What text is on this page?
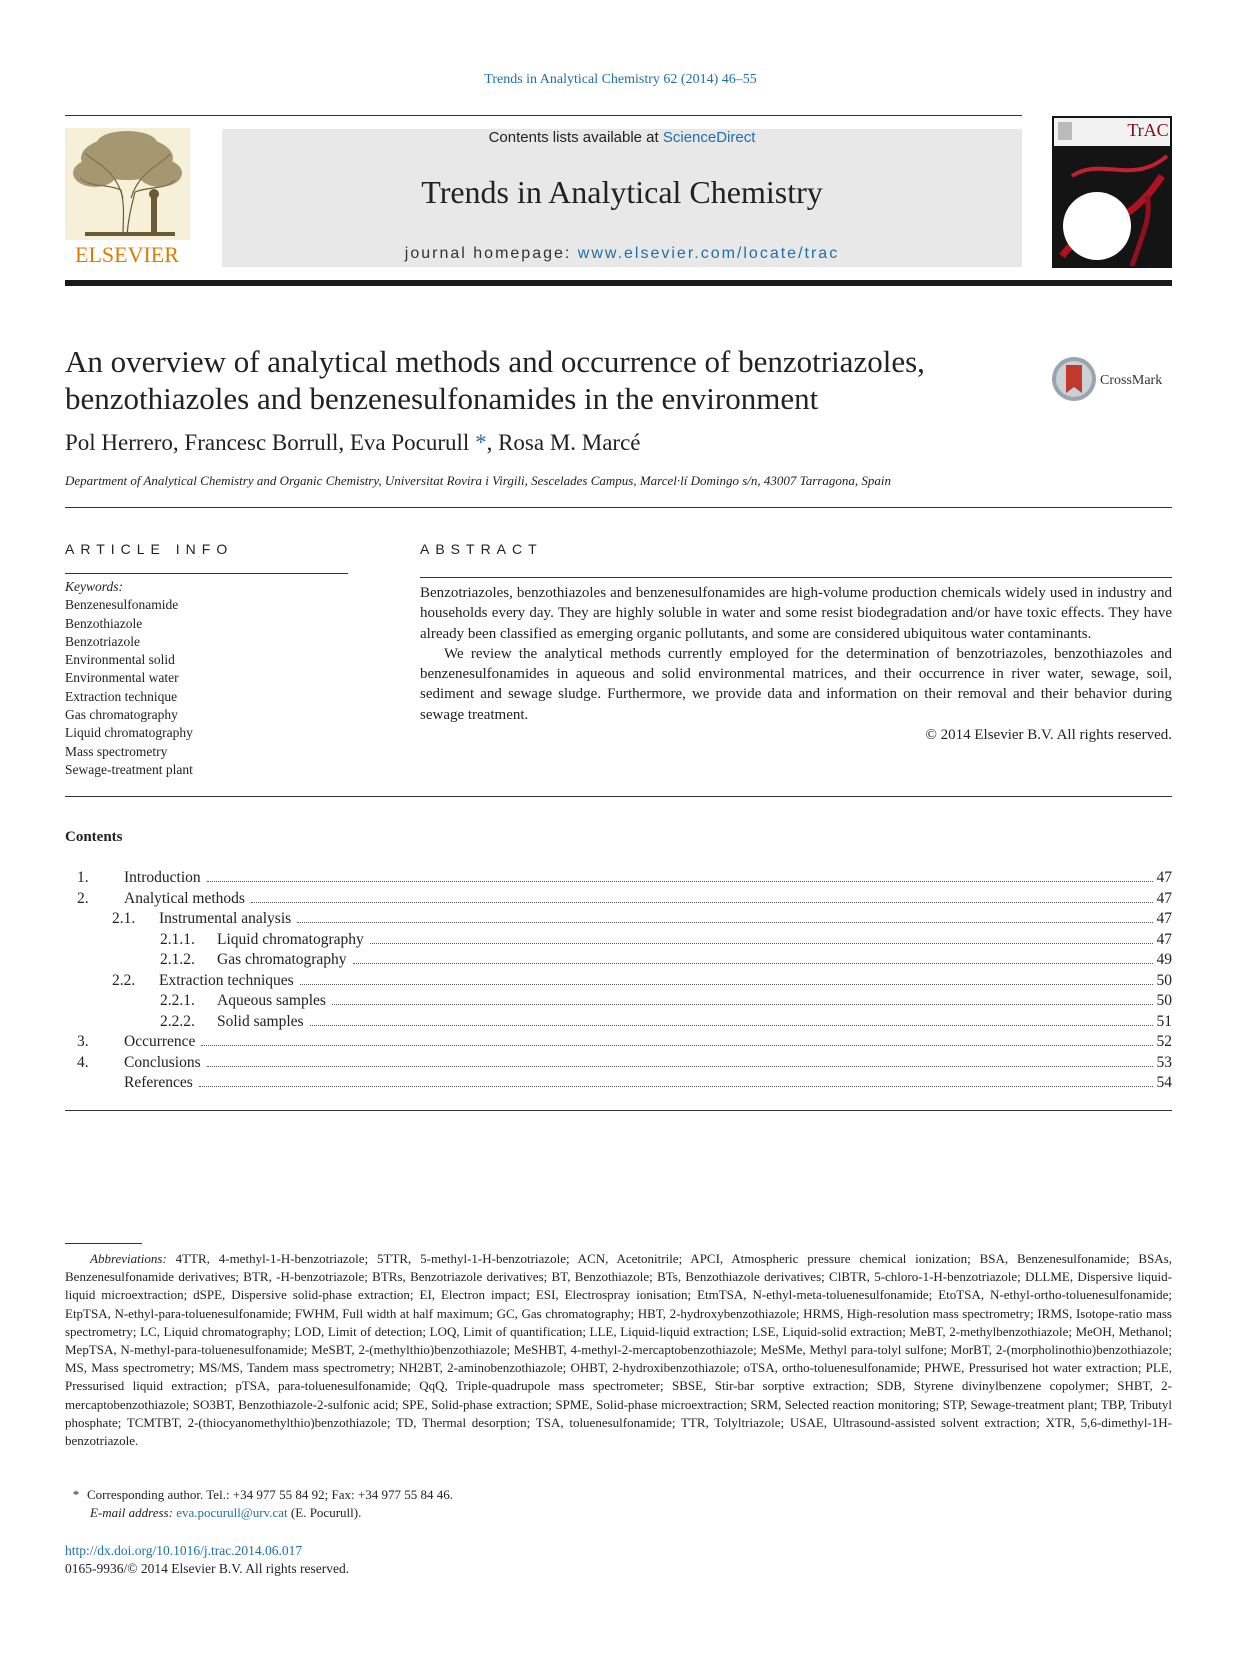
Trends in Analytical Chemistry 62 (2014) 46–55
ELSEVIER
Contents lists available at ScienceDirect
Trends in Analytical Chemistry
journal homepage: www.elsevier.com/locate/trac
TrAC
An overview of analytical methods and occurrence of benzotriazoles, benzothiazoles and benzenesulfonamides in the environment
CrossMark
Pol Herrero, Francesc Borrull, Eva Pocurull *, Rosa M. Marcé
Department of Analytical Chemistry and Organic Chemistry, Universitat Rovira i Virgili, Sescelades Campus, Marcel·lí Domingo s/n, 43007 Tarragona, Spain
ARTICLE INFO
Keywords:
Benzenesulfonamide
Benzothiazole
Benzotriazole
Environmental solid
Environmental water
Extraction technique
Gas chromatography
Liquid chromatography
Mass spectrometry
Sewage-treatment plant
ABSTRACT

Benzotriazoles, benzothiazoles and benzenesulfonamides are high-volume production chemicals widely used in industry and households every day. They are highly soluble in water and some resist biodegradation and/or have toxic effects. They have already been classified as emerging organic pollutants, and some are considered ubiquitous water contaminants.

We review the analytical methods currently employed for the determination of benzotriazoles, benzothiazoles and benzenesulfonamides in aqueous and solid environmental matrices, and their occurrence in river water, sewage, soil, sediment and sewage sludge. Furthermore, we provide data and information on their removal and their behavior during sewage treatment.

© 2014 Elsevier B.V. All rights reserved.

Contents
1.	Introduction	47
2.	Analytical methods	47
2.1.	Instrumental analysis	47
2.1.1.	Liquid chromatography	47
2.1.2.	Gas chromatography	49
2.2.	Extraction techniques	50
2.2.1.	Aqueous samples	50
2.2.2.	Solid samples	51
3.	Occurrence	52
4.	Conclusions	53
References	54
Abbreviations: 4TTR, 4-methyl-1-H-benzotriazole; 5TTR, 5-methyl-1-H-benzotriazole; ACN, Acetonitrile; APCI, Atmospheric pressure chemical ionization; BSA, Benzenesulfonamide; BSAs, Benzenesulfonamide derivatives; BTR, -H-benzotriazole; BTRs, Benzotriazole derivatives; BT, Benzothiazole; BTs, Benzothiazole derivatives; ClBTR, 5-chloro-1-H-benzotriazole; DLLME, Dispersive liquid-liquid microextraction; dSPE, Dispersive solid-phase extraction; EI, Electron impact; ESI, Electrospray ionisation; EtmTSA, N-ethyl-meta-toluenesulfonamide; EtoTSA, N-ethyl-ortho-toluenesulfonamide; EtpTSA, N-ethyl-para-toluenesulfonamide; FWHM, Full width at half maximum; GC, Gas chromatography; HBT, 2-hydroxybenzothiazole; HRMS, High-resolution mass spectrometry; IRMS, Isotope-ratio mass spectrometry; LC, Liquid chromatography; LOD, Limit of detection; LOQ, Limit of quantification; LLE, Liquid-liquid extraction; LSE, Liquid-solid extraction; MeBT, 2-methylbenzothiazole; MeOH, Methanol; MepTSA, N-methyl-para-toluenesulfonamide; MeSBT, 2-(methylthio)benzothiazole; MeSHBT, 4-methyl-2-mercaptobenzothiazole; MeSMe, Methyl para-tolyl sulfone; MorBT, 2-(morpholinothio)benzothiazole; MS, Mass spectrometry; MS/MS, Tandem mass spectrometry; NH2BT, 2-aminobenzothiazole; OHBT, 2-hydroxibenzothiazole; oTSA, ortho-toluenesulfonamide; PHWE, Pressurised hot water extraction; PLE, Pressurised liquid extraction; pTSA, para-toluenesulfonamide; QqQ, Triple-quadrupole mass spectrometer; SBSE, Stir-bar sorptive extraction; SDB, Styrene divinylbenzene copolymer; SHBT, 2-mercaptobenzothiazole; SO3BT, Benzothiazole-2-sulfonic acid; SPE, Solid-phase extraction; SPME, Solid-phase microextraction; SRM, Selected reaction monitoring; STP, Sewage-treatment plant; TBP, Tributyl phosphate; TCMTBT, 2-(thiocyanomethylthio)benzothiazole; TD, Thermal desorption; TSA, toluenesulfonamide; TTR, Tolyltriazole; USAE, Ultrasound-assisted solvent extraction; XTR, 5,6-dimethyl-1H-benzotriazole.
* Corresponding author. Tel.: +34 977 55 84 92; Fax: +34 977 55 84 46.
E-mail address: eva.pocurull@urv.cat (E. Pocurull).
http://dx.doi.org/10.1016/j.trac.2014.06.017
0165-9936/© 2014 Elsevier B.V. All rights reserved.
